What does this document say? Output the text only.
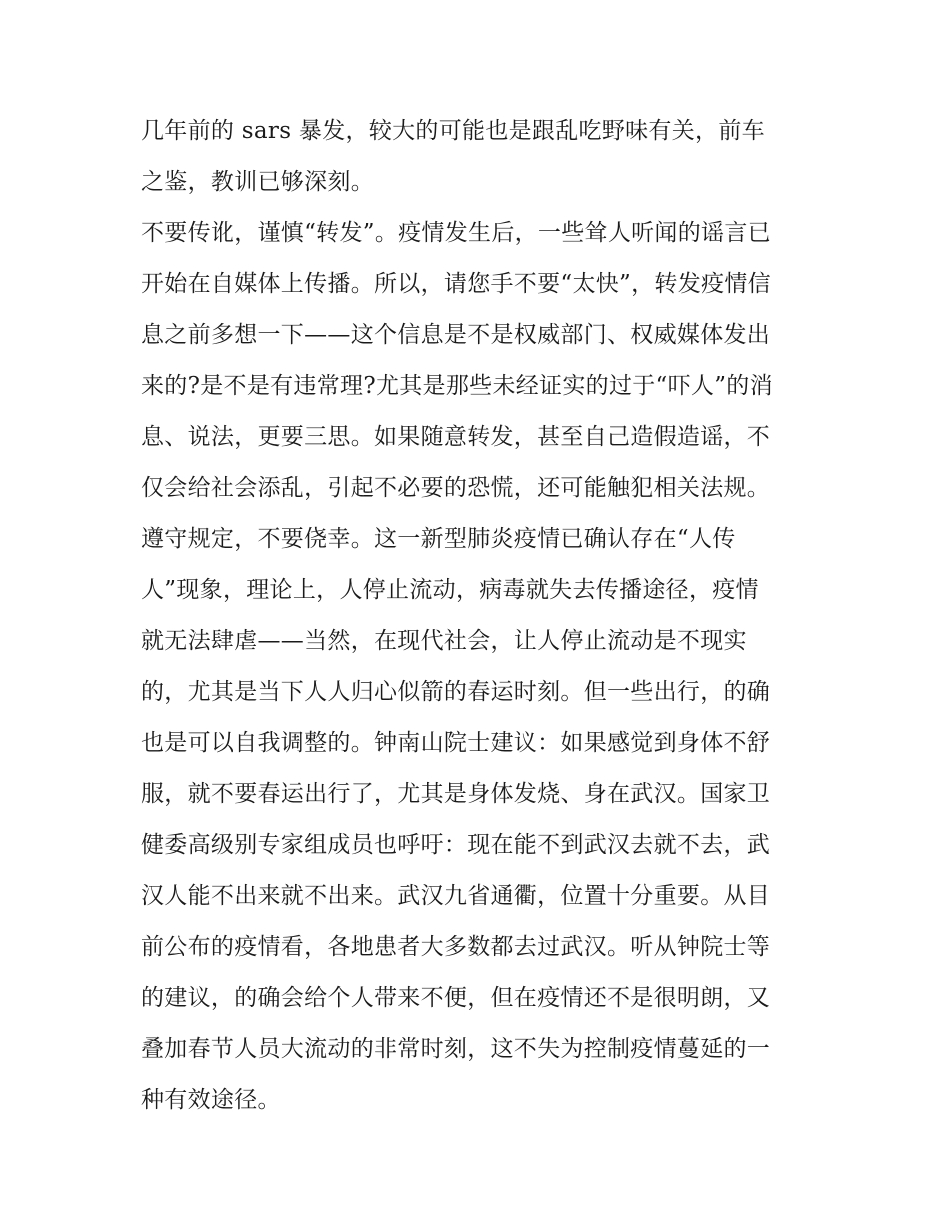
几年前的 sars 暴发，较大的可能也是跟乱吃野味有关，前车
之鉴，教训已够深刻。
不要传讹，谨慎“转发”。疫情发生后，一些耸人听闻的谣言已
开始在自媒体上传播。所以，请您手不要“太快”，转发疫情信
息之前多想一下——这个信息是不是权威部门、权威媒体发出
来的?是不是有违常理?尤其是那些未经证实的过于“吓人”的消
息、说法，更要三思。如果随意转发，甚至自己造假造谣，不
仅会给社会添乱，引起不必要的恐慌，还可能触犯相关法规。
遵守规定，不要侥幸。这一新型肺炎疫情已确认存在“人传
人”现象，理论上，人停止流动，病毒就失去传播途径，疫情
就无法肆虐——当然，在现代社会，让人停止流动是不现实
的，尤其是当下人人归心似箭的春运时刻。但一些出行，的确
也是可以自我调整的。钟南山院士建议：如果感觉到身体不舒
服，就不要春运出行了，尤其是身体发烧、身在武汉。国家卫
健委高级别专家组成员也呼吁：现在能不到武汉去就不去，武
汉人能不出来就不出来。武汉九省通衢，位置十分重要。从目
前公布的疫情看，各地患者大多数都去过武汉。听从钟院士等
的建议，的确会给个人带来不便，但在疫情还不是很明朗，又
叠加春节人员大流动的非常时刻，这不失为控制疫情蔓延的一
种有效途径。
